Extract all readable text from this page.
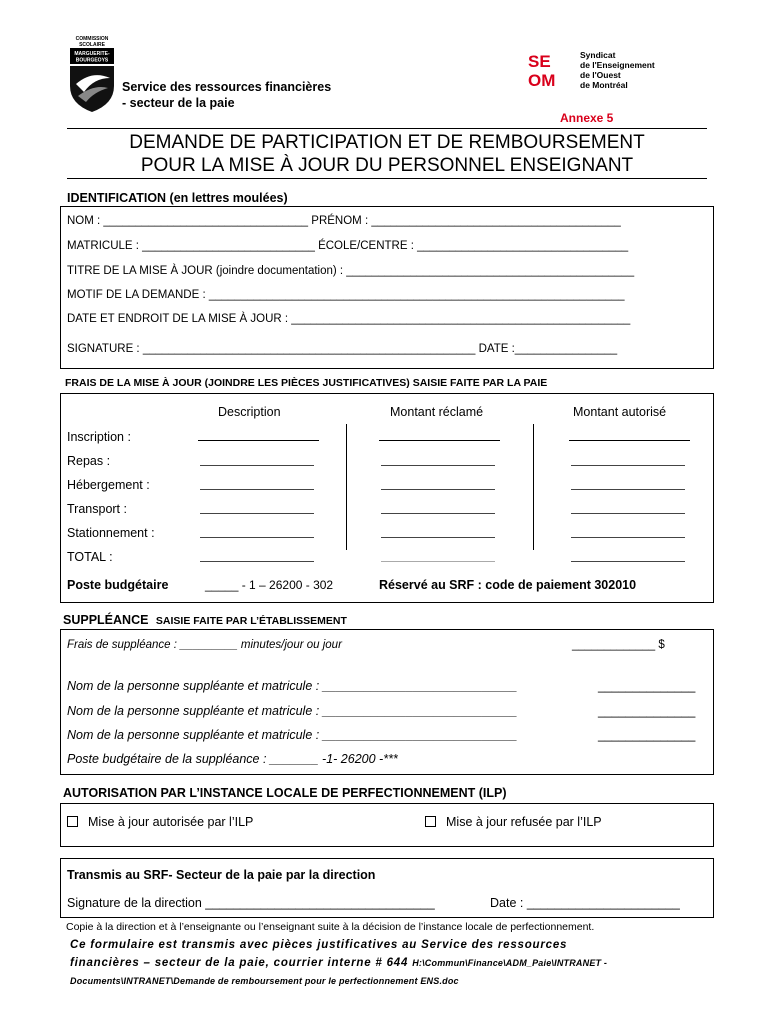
COMMISSION
SCOLAIRE
MARGUERITE-
BOURGEOYS
Service des ressources financières
- secteur de la paie
SE
OM
Syndicat
de l'Enseignement
de l'Ouest
de Montréal
Annexe 5
DEMANDE DE PARTICIPATION ET DE REMBOURSEMENT
POUR LA MISE À JOUR DU PERSONNEL ENSEIGNANT
IDENTIFICATION (en lettres moulées)
NOM : ________________________________ PRÉNOM : _______________________________________
MATRICULE : ___________________________ ÉCOLE/CENTRE : _________________________________
TITRE DE LA MISE À JOUR (joindre documentation) : _____________________________________________
MOTIF DE LA DEMANDE : _________________________________________________________________
DATE ET ENDROIT DE LA MISE À JOUR : _____________________________________________________
SIGNATURE : ____________________________________________________ DATE :________________
FRAIS DE LA MISE À JOUR (JOINDRE LES PIÈCES JUSTIFICATIVES) SAISIE FAITE PAR LA PAIE
Description	Montant réclamé	Montant autorisé
Inscription :
Repas :
Hébergement :
Transport :
Stationnement :
TOTAL :
Poste budgétaire	_____ - 1 – 26200 - 302	Réservé au SRF : code de paiement 302010
SUPPLÉANCE SAISIE FAITE PAR L’ÉTABLISSEMENT
Frais de suppléance : _________ minutes/jour ou jour	_____________ $
Nom de la personne suppléante et matricule : ____________________________	______________
Nom de la personne suppléante et matricule : ____________________________	______________
Nom de la personne suppléante et matricule : ____________________________	______________
Poste budgétaire de la suppléance : _______ -1- 26200 -***
AUTORISATION PAR L’INSTANCE LOCALE DE PERFECTIONNEMENT (ILP)
Mise à jour autorisée par l’ILP	Mise à jour refusée par l’ILP
Transmis au SRF- Secteur de la paie par la direction
Signature de la direction _________________________________	Date : ______________________
Copie à la direction et à l’enseignante ou l’enseignant suite à la décision de l’instance locale de perfectionnement.
Ce formulaire est transmis avec pièces justificatives au Service des ressources
financières – secteur de la paie, courrier interne # 644 H:\Commun\Finance\ADM_Paie\INTRANET -
Documents\INTRANET\Demande de remboursement pour le perfectionnement ENS.doc
